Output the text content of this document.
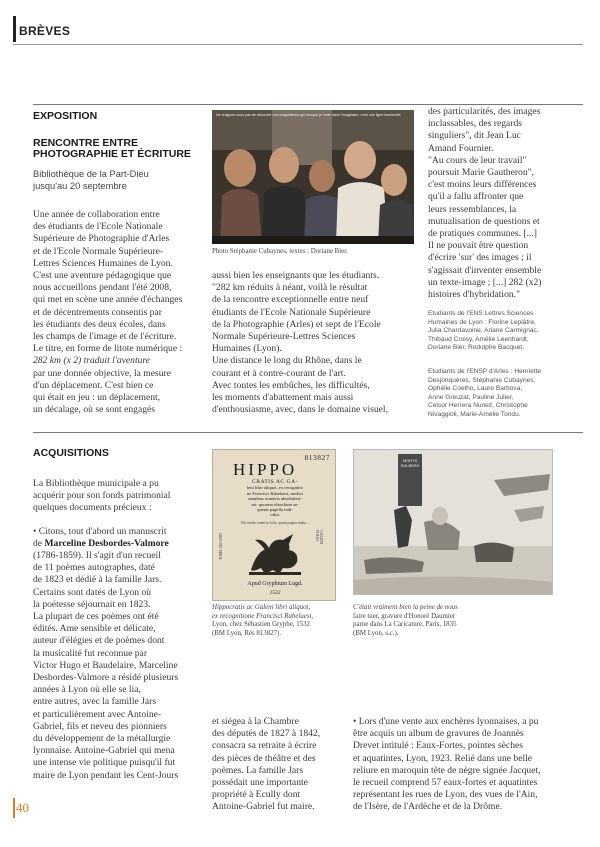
BRÈVES
EXPOSITION
RENCONTRE ENTRE
PHOTOGRAPHIE ET ÉCRITURE
Bibliothèque de la Part-Dieu
jusqu'au 20 septembre
Une année de collaboration entre
des étudiants de l'Ecole Nationale
Supérieure de Photographie d'Arles
et de l'Ecole Normale Supérieure-
Lettres Sciences Humaines de Lyon.
C'est une aventure pédagogique que
nous accueillons pendant l'été 2008,
qui met en scène une année d'échanges
et de décentrements consentis par
les étudiants des deux écoles, dans
les champs de l'image et de l'écriture.
Le titre, en forme de litote numérique :
282 km (x 2) traduit l'aventure
par une donnée objective, la mesure
d'un déplacement. C'est bien ce
qui était en jeu : un déplacement,
un décalage, où se sont engagés
Ne craignez-vous pas de découvrir une insignifiance qui lorsque je reste dans l'imaginaire, c'est une ligne inachevée
Photo Stéphanie Cubaynes, textes : Doriane Bier.
aussi bien les enseignants que les étudiants.
"282 km réduits à néant, voilà le résultat
de la rencontre exceptionnelle entre neuf
étudiants de l'Ecole Nationale Supérieure
de la Photographie (Arles) et sept de l'Ecole
Normale Supérieure-Lettres Sciences
Humaines (Lyon).
Une distance le long du Rhône, dans le
courant et à contre-courant de l'art.
Avec toutes les embûches, les difficultés,
les moments d'abattement mais aussi
d'enthousiasme, avec, dans le domaine visuel,
des particularités, des images
inclassables, des regards
singuliers", dit Jean Luc
Amand Fournier.
"Au cours de leur travail"
poursuit Marie Gautheron",
c'est moins leurs différences
qu'il a fallu affronter que
leurs ressemblances, la
mutualisation de questions et
de pratiques communes. [...]
Il ne pouvait être question
d'écrire 'sur' des images ; il
s'agissait d'inventer ensemble
un texte-image ; [...] 282 (x2)
histoires d'hybridation."
Etudiants de l'ENS Lettres Sciences
Humaines de Lyon : Florine Leplâtre,
Julia Chardavoine, Ariane Carmignac,
Thibaud Croisy, Amélie Leenhardt,
Doriane Bier, Rodolphe Bacquet.
Etudiants de l'ENSP d'Arles : Henriette
Desjonquères, Stéphanie Cubaynes,
Ophélie Coelho, Laure Barbosa,
Anne Greuzat, Pauline Julier,
Celsor Herrera Nunez, Christophe
Nivaggioli, Marie-Amélie Tondu.
ACQUISITIONS
La Bibliothèque municipale a pu
acquérir pour son fonds patrimonial
quelques documents précieux :
• Citons, tout d'abord un manuscrit
de Marceline Desbordes-Valmore
(1786-1859). Il s'agit d'un recueil
de 11 poèmes autographes, daté
de 1823 et dédié à la famille Jars.
Certains sont datés de Lyon où
la poétesse séjournait en 1823.
La plupart de ces poèmes ont été
édités. Ame sensible et délicate,
auteur d'élégies et de poèmes dont
la musicalité fut reconnue par
Victor Hugo et Baudelaire, Marceline
Desbordes-Valmore a résidé plusieurs
années à Lyon où elle se lia,
entre autres, avec la famille Jars
et particulièrement avec Antoine-
Gabriel, fils et neveu des pionniers
du développement de la métallurgie
lyonnaise. Antoine-Gabriel qui mena
une intense vie politique puisqu'il fut
maire de Lyon pendant les Cent-Jours
813827
HIPPO
CRATIS AC GA-
leni libri aliquot, ex recognitio
ne Francisci Rabelaesi, medici
omnibus numeris absolutissi-
mi: quorum elenchum se-
quenti pagella indi-
cabit.
Hic medio tumet in folio, quam pagina multo...
TOME SECOND	GALENI FOLIO
Apud Gryphium Lugd.
1532
Hippocratis ac Galeni libri aliquot,
ex recognitione Francisci Rabelaesi,
Lyon, chez Sébastien Gryphe, 1532
(BM Lyon, Rés 813827).
MONTS RALBERS
C'était vraiment bien la peine de nous
faire tuer, gravure d'Honoré Daumier
parue dans La Caricature, Paris, 1835
(BM Lyon, s.c.).
et siégea à la Chambre
des députés de 1827 à 1842,
consacra sa retraite à écrire
des pièces de théâtre et des
poèmes. La famille Jars
possédait une importante
propriété à Ecully dont
Antoine-Gabriel fut maire.
• Lors d'une vente aux enchères lyonnaises, a pu
être acquis un album de gravures de Joannès
Drevet intitulé : Eaux-Fortes, pointes sèches
et aquatintes, Lyon, 1923. Relié dans une belle
reliure en maroquin tête de nègre signée Jacquet,
le recueil comprend 57 eaux-fortes et aquatintes
représentant les rues de Lyon, des vues de l'Ain,
de l'Isère, de l'Ardèche et de la Drôme.
40
